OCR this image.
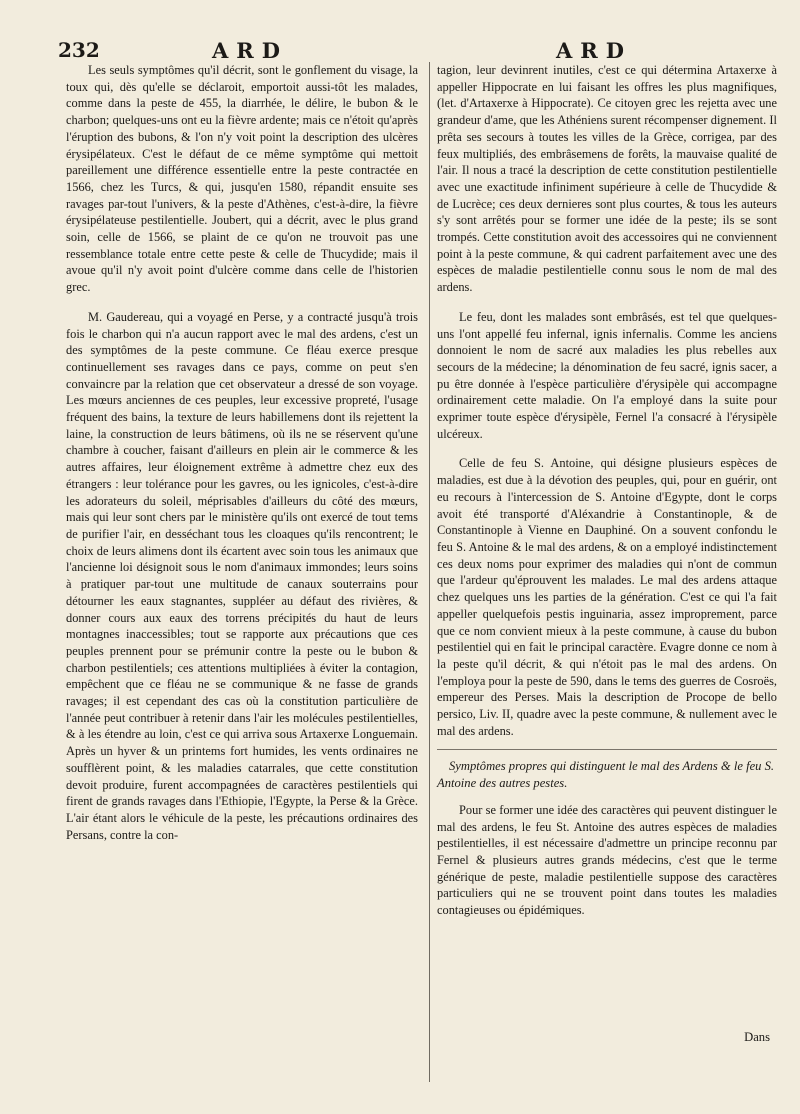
232	ARD	ARD

Les seuls symptômes qu'il décrit, sont le gonflement du visage, la toux qui, dès qu'elle se déclaroit, emportoit aussi-tôt les malades, comme dans la peste de 455, la diarrhée, le délire, le bubon & le charbon; quelques-uns ont eu la fièvre ardente; mais ce n'étoit qu'après l'éruption des bubons, & l'on n'y voit point la description des ulcères érysipélateux. C'est le défaut de ce même symptôme qui mettoit pareillement une différence essentielle entre la peste contractée en 1566, chez les Turcs, & qui, jusqu'en 1580, répandit ensuite ses ravages par-tout l'univers, & la peste d'Athènes, c'est-à-dire, la fièvre érysipélateuse pestilentielle. Joubert, qui a décrit, avec le plus grand soin, celle de 1566, se plaint de ce qu'on ne trouvoit pas une ressemblance totale entre cette peste & celle de Thucydide; mais il avoue qu'il n'y avoit point d'ulcère comme dans celle de l'historien grec.

M. Gaudereau, qui a voyagé en Perse, y a contracté jusqu'à trois fois le charbon qui n'a aucun rapport avec le mal des ardens, c'est un des symptômes de la peste commune. Ce fléau exerce presque continuellement ses ravages dans ce pays, comme on peut s'en convaincre par la relation que cet observateur a dressé de son voyage. Les mœurs anciennes de ces peuples, leur excessive propreté, l'usage fréquent des bains, la texture de leurs habillemens dont ils rejettent la laine, la construction de leurs bâtimens, où ils ne se réservent qu'une chambre à coucher, faisant d'ailleurs en plein air le commerce & les autres affaires, leur éloignement extrême à admettre chez eux des étrangers : leur tolérance pour les gavres, ou les ignicoles, c'est-à-dire les adorateurs du soleil, méprisables d'ailleurs du côté des mœurs, mais qui leur sont chers par le ministère qu'ils ont exercé de tout tems de purifier l'air, en desséchant tous les cloaques qu'ils rencontrent; le choix de leurs alimens dont ils écartent avec soin tous les animaux que l'ancienne loi désignoit sous le nom d'animaux immondes; leurs soins à pratiquer par-tout une multitude de canaux souterrains pour détourner les eaux stagnantes, suppléer au défaut des rivières, & donner cours aux eaux des torrens précipités du haut de leurs montagnes inaccessibles; tout se rapporte aux précautions que ces peuples prennent pour se prémunir contre la peste ou le bubon & charbon pestilentiels; ces attentions multipliées à éviter la contagion, empêchent que ce fléau ne se communique & ne fasse de grands ravages; il est cependant des cas où la constitution particulière de l'année peut contribuer à retenir dans l'air les molécules pestilentielles, & à les étendre au loin, c'est ce qui arriva sous Artaxerxe Longuemain. Après un hyver & un printems fort humides, les vents ordinaires ne soufflèrent point, & les maladies catarrales, que cette constitution devoit produire, furent accompagnées de caractères pestilentiels qui firent de grands ravages dans l'Ethiopie, l'Egypte, la Perse & la Grèce. L'air étant alors le véhicule de la peste, les précautions ordinaires des Persans, contre la con-

tagion, leur devinrent inutiles, c'est ce qui détermina Artaxerxe à appeller Hippocrate en lui faisant les offres les plus magnifiques, (let. d'Artaxerxe à Hippocrate). Ce citoyen grec les rejetta avec une grandeur d'ame, que les Athéniens surent récompenser dignement. Il prêta ses secours à toutes les villes de la Grèce, corrigea, par des feux multipliés, des embrâsemens de forêts, la mauvaise qualité de l'air. Il nous a tracé la description de cette constitution pestilentielle avec une exactitude infiniment supérieure à celle de Thucydide & de Lucrèce; ces deux dernieres sont plus courtes, & tous les auteurs s'y sont arrêtés pour se former une idée de la peste; ils se sont trompés. Cette constitution avoit des accessoires qui ne conviennent point à la peste commune, & qui cadrent parfaitement avec une des espèces de maladie pestilentielle connu sous le nom de mal des ardens.

Le feu, dont les malades sont embrâsés, est tel que quelques-uns l'ont appellé feu infernal, ignis infernalis. Comme les anciens donnoient le nom de sacré aux maladies les plus rebelles aux secours de la médecine; la dénomination de feu sacré, ignis sacer, a pu être donnée à l'espèce particulière d'érysipèle qui accompagne ordinairement cette maladie. On l'a employé dans la suite pour exprimer toute espèce d'érysipèle, Fernel l'a consacré à l'érysipèle ulcéreux.

Celle de feu S. Antoine, qui désigne plusieurs espèces de maladies, est due à la dévotion des peuples, qui, pour en guérir, ont eu recours à l'intercession de S. Antoine d'Egypte, dont le corps avoit été transporté d'Aléxandrie à Constantinople, & de Constantinople à Vienne en Dauphiné. On a souvent confondu le feu S. Antoine & le mal des ardens, & on a employé indistinctement ces deux noms pour exprimer des maladies qui n'ont de commun que l'ardeur qu'éprouvent les malades. Le mal des ardens attaque chez quelques uns les parties de la génération. C'est ce qui l'a fait appeller quelquefois pestis inguinaria, assez improprement, parce que ce nom convient mieux à la peste commune, à cause du bubon pestilentiel qui en fait le principal caractère. Evagre donne ce nom à la peste qu'il décrit, & qui n'étoit pas le mal des ardens. On l'employa pour la peste de 590, dans le tems des guerres de Cosroës, empereur des Perses. Mais la description de Procope de bello persico, Liv. II, quadre avec la peste commune, & nullement avec le mal des ardens.

Symptômes propres qui distinguent le mal des Ardens & le feu S. Antoine des autres pestes.

Pour se former une idée des caractères qui peuvent distinguer le mal des ardens, le feu St. Antoine des autres espèces de maladies pestilentielles, il est nécessaire d'admettre un principe reconnu par Fernel & plusieurs autres grands médecins, c'est que le terme générique de peste, maladie pestilentielle suppose des caractères particuliers qui ne se trouvent point dans toutes les maladies contagieuses ou épidémiques.

Dans
